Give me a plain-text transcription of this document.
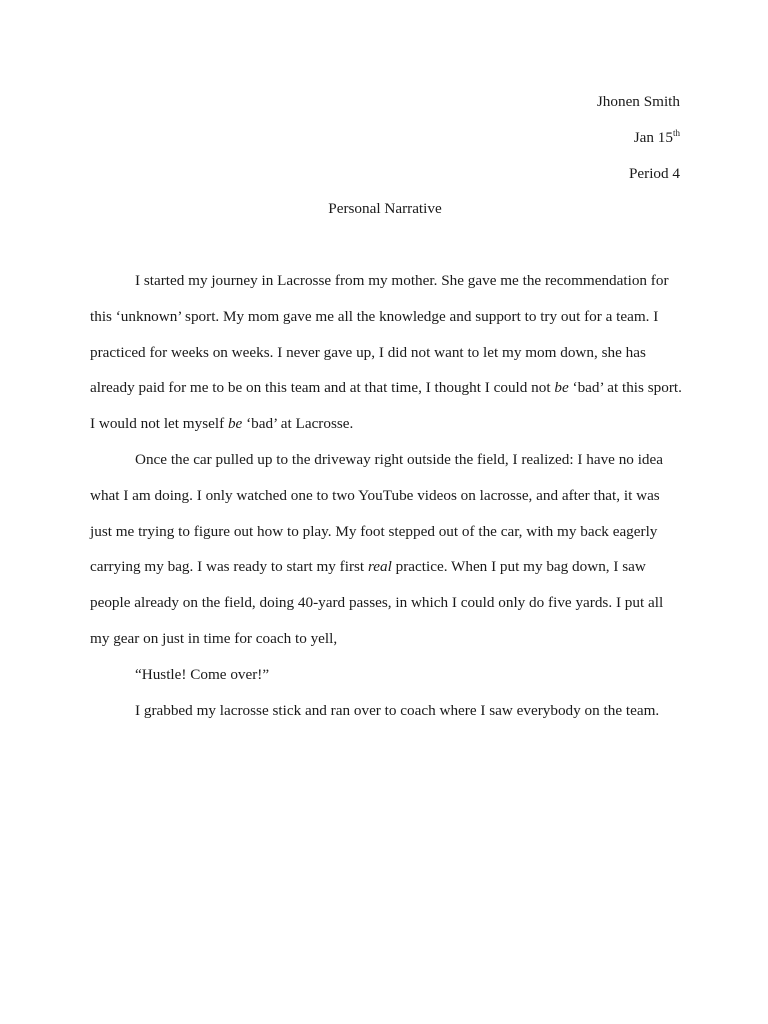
Jhonen Smith
Jan 15th
Period 4
Personal Narrative
I started my journey in Lacrosse from my mother. She gave me the recommendation for
this ‘unknown’ sport. My mom gave me all the knowledge and support to try out for a team. I
practiced for weeks on weeks. I never gave up, I did not want to let my mom down, she has
already paid for me to be on this team and at that time, I thought I could not be ‘bad’ at this sport.
I would not let myself be ‘bad’ at Lacrosse.
Once the car pulled up to the driveway right outside the field, I realized: I have no idea
what I am doing. I only watched one to two YouTube videos on lacrosse, and after that, it was
just me trying to figure out how to play. My foot stepped out of the car, with my back eagerly
carrying my bag. I was ready to start my first real practice. When I put my bag down, I saw
people already on the field, doing 40-yard passes, in which I could only do five yards. I put all
my gear on just in time for coach to yell,
“Hustle! Come over!”
I grabbed my lacrosse stick and ran over to coach where I saw everybody on the team.
